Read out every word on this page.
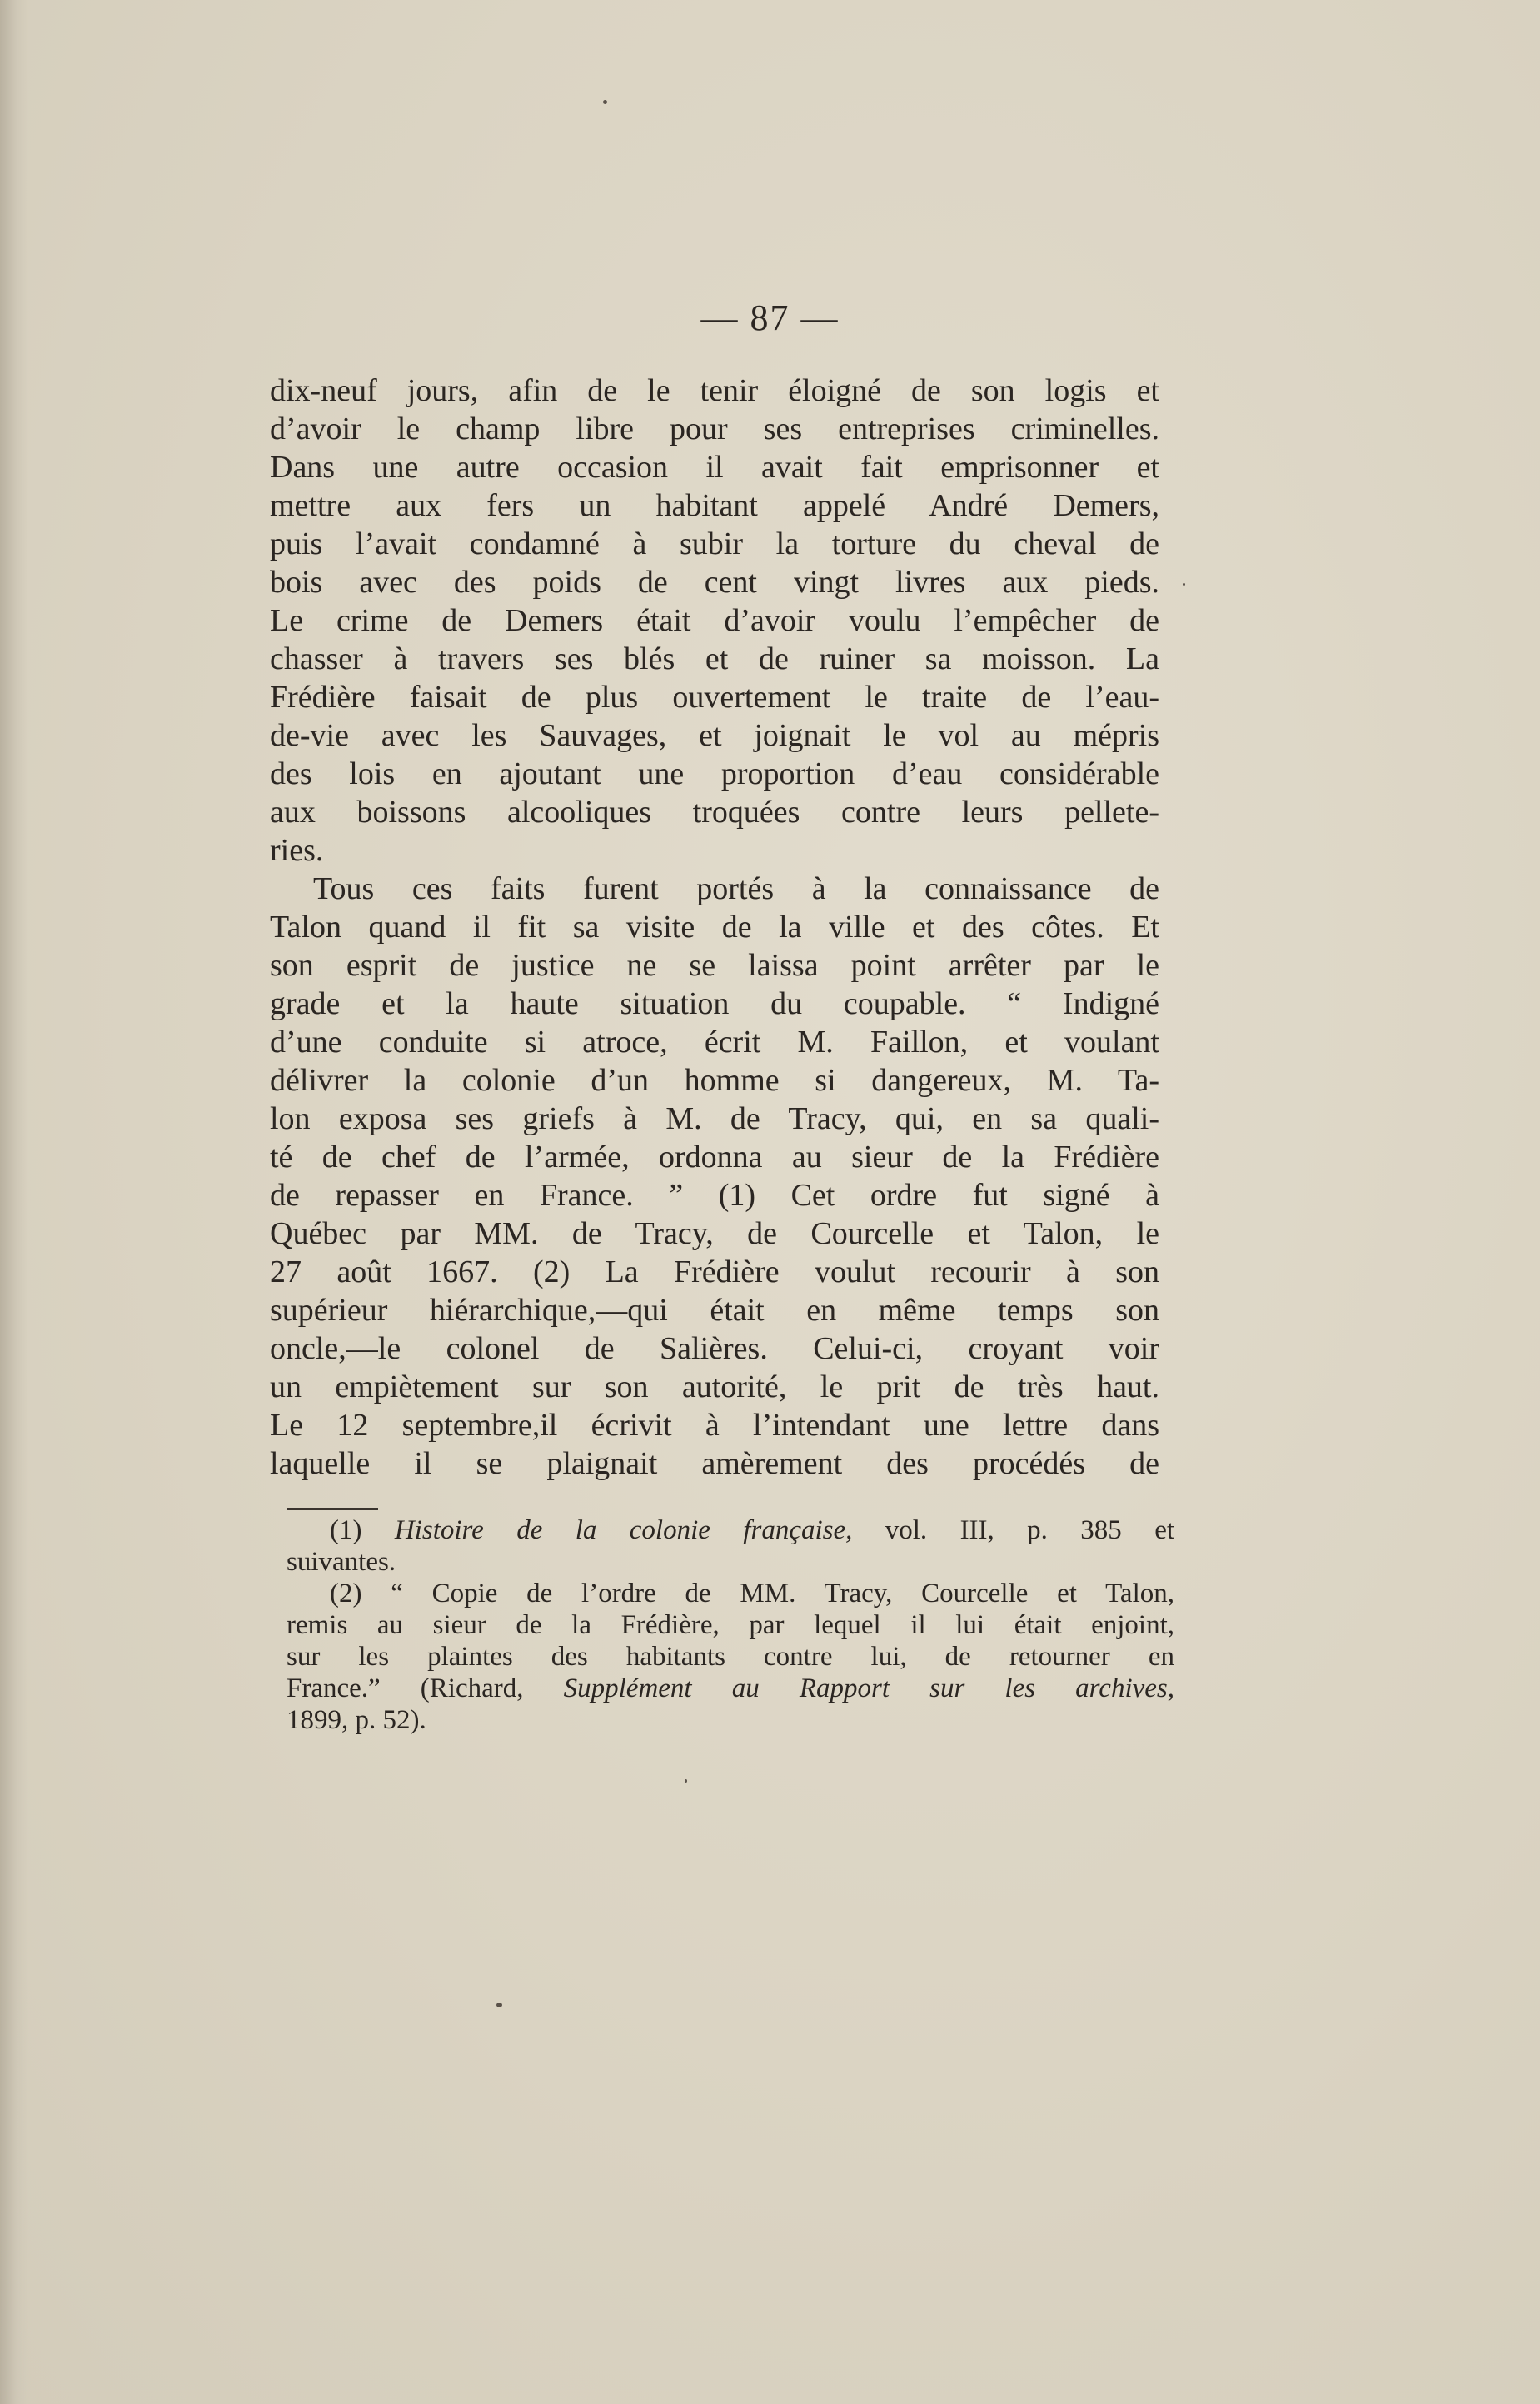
— 87 —
dix-neuf jours, afin de le tenir éloigné de son logis et
d’avoir le champ libre pour ses entreprises criminelles.
Dans une autre occasion il avait fait emprisonner et
mettre aux fers un habitant appelé André Demers,
puis l’avait condamné à subir la torture du cheval de
bois avec des poids de cent vingt livres aux pieds.
Le crime de Demers était d’avoir voulu l’empêcher de
chasser à travers ses blés et de ruiner sa moisson. La
Frédière faisait de plus ouvertement le traite de l’eau-
de-vie avec les Sauvages, et joignait le vol au mépris
des lois en ajoutant une proportion d’eau considérable
aux boissons alcooliques troquées contre leurs pellete-
ries.
Tous ces faits furent portés à la connaissance de
Talon quand il fit sa visite de la ville et des côtes. Et
son esprit de justice ne se laissa point arrêter par le
grade et la haute situation du coupable. “ Indigné
d’une conduite si atroce, écrit M. Faillon, et voulant
délivrer la colonie d’un homme si dangereux, M. Ta-
lon exposa ses griefs à M. de Tracy, qui, en sa quali-
té de chef de l’armée, ordonna au sieur de la Frédière
de repasser en France. ” (1) Cet ordre fut signé à
Québec par MM. de Tracy, de Courcelle et Talon, le
27 août 1667. (2) La Frédière voulut recourir à son
supérieur hiérarchique,—qui était en même temps son
oncle,—le colonel de Salières. Celui-ci, croyant voir
un empiètement sur son autorité, le prit de très haut.
Le 12 septembre,il écrivit à l’intendant une lettre dans
laquelle il se plaignait amèrement des procédés de
(1) Histoire de la colonie française, vol. III, p. 385 et
suivantes.
(2) “ Copie de l’ordre de MM. Tracy, Courcelle et Talon,
remis au sieur de la Frédière, par lequel il lui était enjoint,
sur les plaintes des habitants contre lui, de retourner en
France.” (Richard, Supplément au Rapport sur les archives,
1899, p. 52).
